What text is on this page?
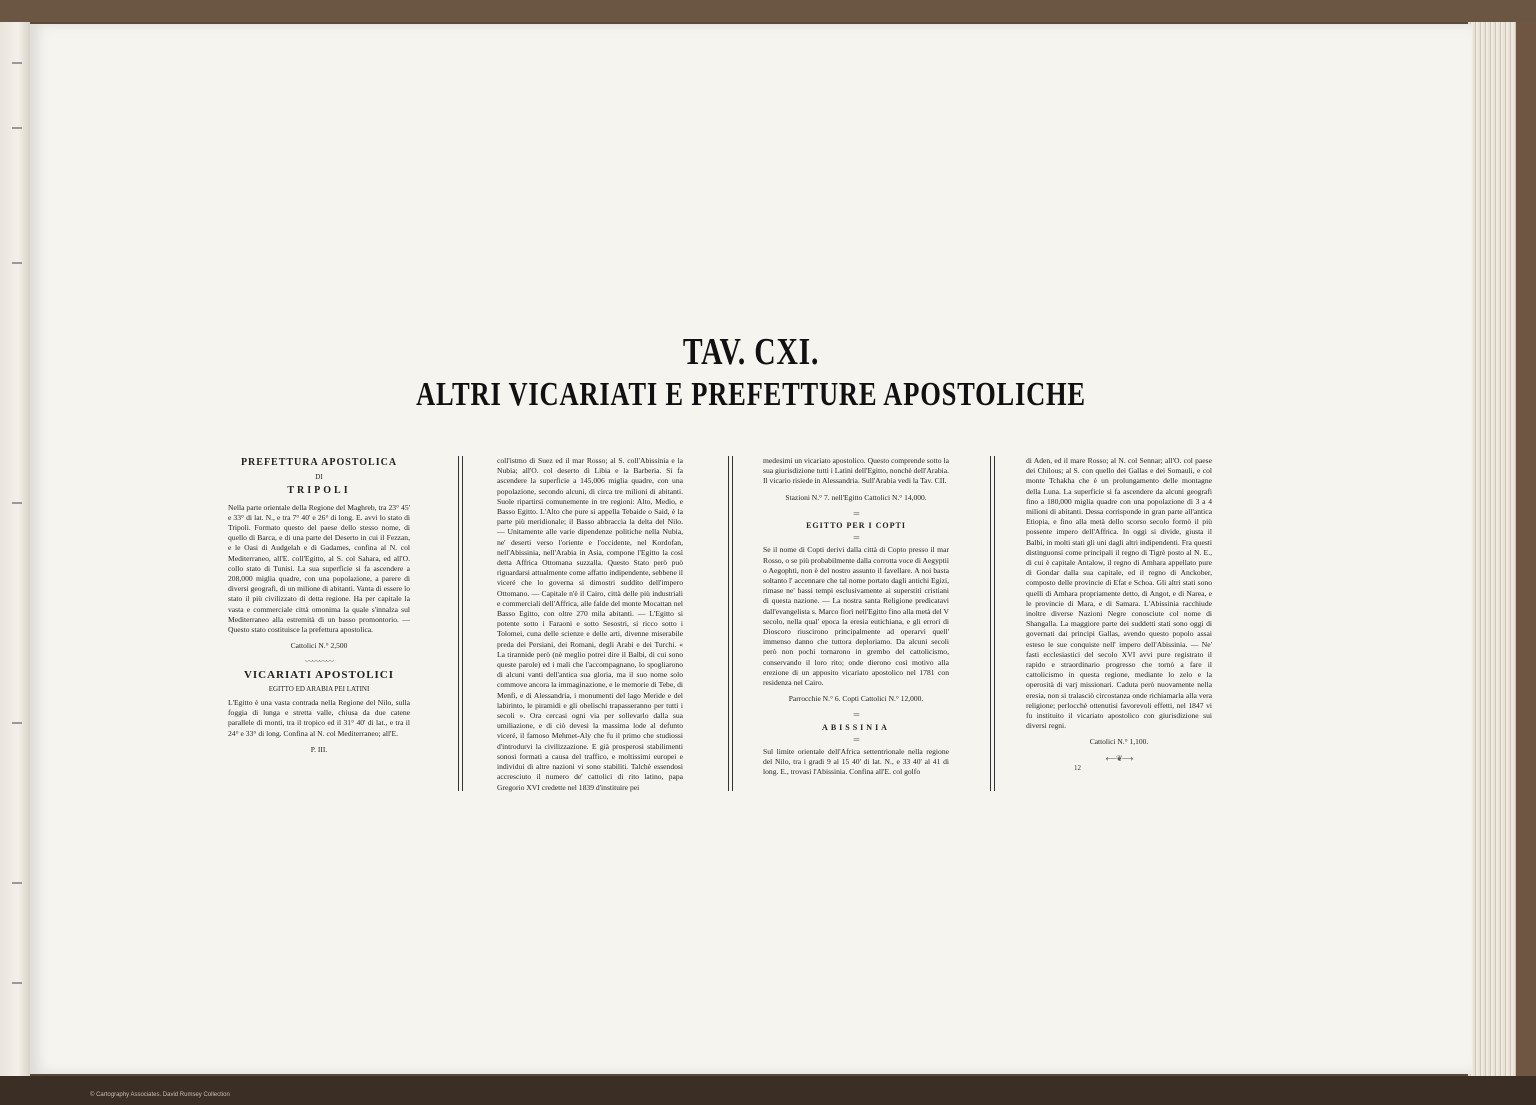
TAV. CXI.
ALTRI VICARIATI E PREFETTURE APOSTOLICHE
PREFETTURA APOSTOLICA
DI
TRIPOLI

Nella parte orientale della Regione del Maghreb, tra 23° 45' e 33° di lat. N., e tra 7° 40' e 26° di long. E. avvi lo stato di Tripoli. Formato questo del paese dello stesso nome, di quello di Barca, e di una parte del Deserto in cui il Fezzan, e le Oasi di Audgelah e di Gadames, confina al N. col Mediterraneo, all'E. coll'Egitto, al S. col Sahara, ed all'O. collo stato di Tunisi. La sua superficie si fa ascendere a 208,000 miglia quadre, con una popolazione, a parere di diversi geografi, di un milione di abitanti. Vanta di essere lo stato il più civilizzato di detta regione. Ha per capitale la vasta e commerciale città omonima la quale s'innalza sul Mediterraneo alla estremità di un basso promontorio. — Questo stato costituisce la prefettura apostolica.

Cattolici N.° 2,500
〰〰〰〰
VICARIATI APOSTOLICI
EGITTO ED ARABIA PEI LATINI

L'Egitto è una vasta contrada nella Regione del Nilo, sulla foggia di lunga e stretta valle, chiusa da due catene parallele di monti, tra il tropico ed il 31° 40' di lat., e tra il 24° e 33° di long. Confina al N. col Mediterraneo; all'E.

P. III.

coll'istmo di Suez ed il mar Rosso; al S. coll'Abissinia e la Nubia; all'O. col deserto di Libia e la Barberia. Si fa ascendere la superficie a 145,006 miglia quadre, con una popolazione, secondo alcuni, di circa tre milioni di abitanti. Suole ripartirsi comunemente in tre regioni: Alto, Medio, e Basso Egitto. L'Alto che pure si appella Tebaide o Said, è la parte più meridionale; il Basso abbraccia la delta del Nilo. — Unitamente alle varie dipendenze politiche nella Nubia, ne' deserti verso l'oriente e l'occidente, nel Kordofan, nell'Abissinia, nell'Arabia in Asia, compone l'Egitto la così detta Affrica Ottomana suzzalla. Questo Stato però può riguardarsi attualmente come affatto indipendente, sebbene il viceré che lo governa si dimostri suddito dell'impero Ottomano. — Capitale n'è il Cairo, città delle più industriali e commerciali dell'Affrica, alle falde del monte Mocattan nel Basso Egitto, con oltre 270 mila abitanti. — L'Egitto si potente sotto i Faraoni e sotto Sesostri, si ricco sotto i Tolomei, cuna delle scienze e delle arti, divenne miserabile preda dei Persiani, dei Romani, degli Arabi e dei Turchi. « La tirannide però (nè meglio potrei dire il Balbi, di cui sono queste parole) ed i mali che l'accompagnano, lo spogliarono di alcuni vanti dell'antica sua gloria, ma il suo nome solo commove ancora la immaginazione, e le memorie di Tebe, di Menfi, e di Alessandria, i monumenti del lago Meride e del labirinto, le piramidi e gli obelischi trapasseranno per tutti i secoli ». Ora cercasi ogni via per sollevarlo dalla sua umiliazione, e di ciò devesi la massima lode al defunto viceré, il famoso Mehmet-Aly che fu il primo che studiossi d'introdurvi la civilizzazione. E già prosperosi stabilimenti sonosi formati a causa del traffico, e moltissimi europei e individui di altre nazioni vi sono stabiliti. Talchè essendosi accresciuto il numero de' cattolici di rito latino, papa Gregorio XVI credette nel 1839 d'instituire pei

medesimi un vicariato apostolico. Questo comprende sotto la sua giurisdizione tutti i Latini dell'Egitto, nonchè dell'Arabia. Il vicario risiede in Alessandria. Sull'Arabia vedi la Tav. CII.

Stazioni N.° 7. nell'Egitto Cattolici N.° 14,000.
═
EGITTO PER I COPTI
═

Se il nome di Copti derivi dalla città di Copto presso il mar Rosso, o se più probabilmente dalla corrotta voce di Aegyptii o Aegophti, non è del nostro assunto il favellare. A noi basta soltanto l' accennare che tal nome portato dagli antichi Egizi, rimase ne' bassi tempi esclusivamente ai superstiti cristiani di questa nazione. — La nostra santa Religione predicatavi dall'evangelista s. Marco fiorì nell'Egitto fino alla metà del V secolo, nella qual' epoca la eresia eutichiana, e gli errori di Dioscoro riuscirono principalmente ad operarvi quell' immenso danno che tuttora deploriamo. Da alcuni secoli però non pochi tornarono in grembo del cattolicismo, conservando il loro rito; onde dierono così motivo alla erezione di un apposito vicariato apostolico nel 1781 con residenza nel Cairo.

Parrocchie N.° 6. Copti Cattolici N.° 12,000.
═
ABISSINIA
═

Sul limite orientale dell'Africa settentrionale nella regione del Nilo, tra i gradi 9 al 15 40' di lat. N., e 33 40' al 41 di long. E., trovasi l'Abissinia. Confina all'E. col golfo

di Aden, ed il mare Rosso; al N. col Sennar; all'O. col paese dei Chilous; al S. con quello dei Gallas e dei Somauli, e col monte Tchakha che è un prolungamento delle montagne della Luna. La superficie si fa ascendere da alcuni geografi fino a 180,000 miglia quadre con una popolazione di 3 a 4 milioni di abitanti. Dessa corrisponde in gran parte all'antica Etiopia, e fino alla metà dello scorso secolo formò il più possente impero dell'Affrica. In oggi si divide, giusta il Balbi, in molti stati gli uni dagli altri indipendenti. Fra questi distinguonsi come principali il regno di Tigrè posto al N. E., di cui è capitale Antalow, il regno di Amhara appellato pure di Gondar dalla sua capitale, ed il regno di Anckober, composto delle provincie di Efat e Schoa. Gli altri stati sono quelli di Amhara propriamente detto, di Angot, e di Narea, e le provincie di Mara, e di Samara. L'Abissinia racchiude inoltre diverse Nazioni Negre conosciute col nome di Shangalla. La maggiore parte dei suddetti stati sono oggi di governati dai principi Gallas, avendo questo popolo assai esteso le sue conquiste nell' impero dell'Abissinia. — Ne' fasti ecclesiastici del secolo XVI avvi pure registrato il rapido e straordinario progresso che tornò a fare il cattolicismo in questa regione, mediante lo zelo e la operosità di varj missionari. Caduta però nuovamente nella eresia, non si tralasciò circostanza onde richiamarla alla vera religione; perlocchè ottenutisi favorevoli effetti, nel 1847 vi fu instituito il vicariato apostolico con giurisdizione sui diversi regni.

Cattolici N.° 1,100.
⟵❦⟶
12
© Cartography Associates. David Rumsey Collection
